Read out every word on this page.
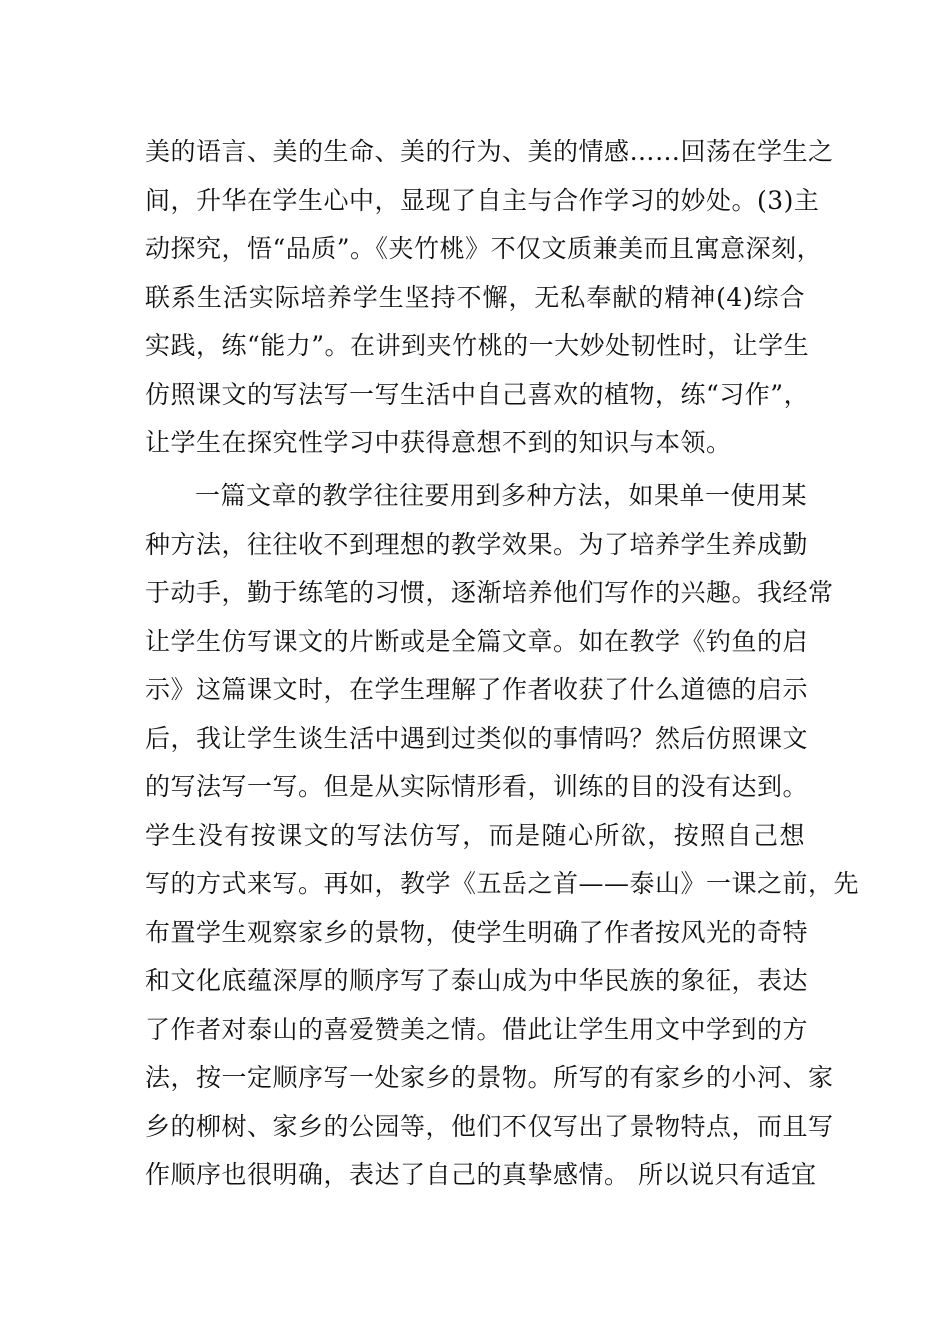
美的语言、美的生命、美的行为、美的情感……回荡在学生之
间，升华在学生心中，显现了自主与合作学习的妙处。(3)主
动探究，悟“品质”。《夹竹桃》不仅文质兼美而且寓意深刻，
联系生活实际培养学生坚持不懈，无私奉献的精神(4)综合
实践，练“能力”。在讲到夹竹桃的一大妙处韧性时，让学生
仿照课文的写法写一写生活中自己喜欢的植物，练“习作”，
让学生在探究性学习中获得意想不到的知识与本领。
一篇文章的教学往往要用到多种方法，如果单一使用某
种方法，往往收不到理想的教学效果。为了培养学生养成勤
于动手，勤于练笔的习惯，逐渐培养他们写作的兴趣。我经常
让学生仿写课文的片断或是全篇文章。如在教学《钓鱼的启
示》这篇课文时，在学生理解了作者收获了什么道德的启示
后，我让学生谈生活中遇到过类似的事情吗？然后仿照课文
的写法写一写。但是从实际情形看，训练的目的没有达到。
学生没有按课文的写法仿写，而是随心所欲，按照自己想
写的方式来写。再如，教学《五岳之首——泰山》一课之前，先
布置学生观察家乡的景物，使学生明确了作者按风光的奇特
和文化底蕴深厚的顺序写了泰山成为中华民族的象征，表达
了作者对泰山的喜爱赞美之情。借此让学生用文中学到的方
法，按一定顺序写一处家乡的景物。所写的有家乡的小河、家
乡的柳树、家乡的公园等，他们不仅写出了景物特点，而且写
作顺序也很明确，表达了自己的真挚感情。 所以说只有适宜
